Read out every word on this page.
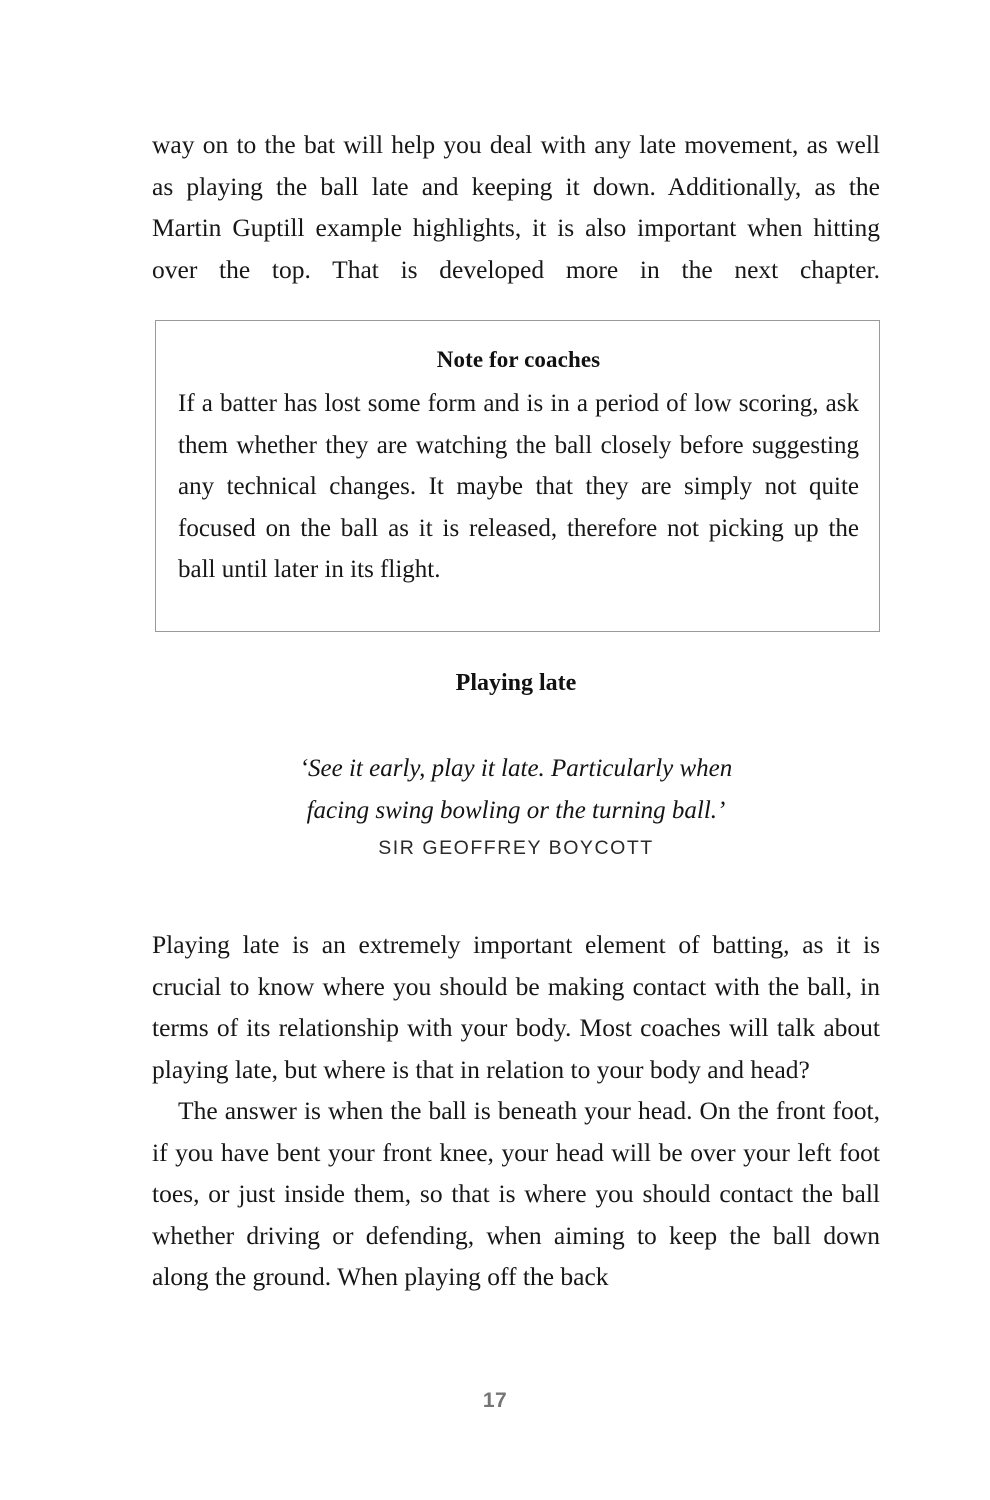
way on to the bat will help you deal with any late movement, as well as playing the ball late and keeping it down. Additionally, as the Martin Guptill example highlights, it is also important when hitting over the top. That is developed more in the next chapter.

Note for coaches

If a batter has lost some form and is in a period of low scoring, ask them whether they are watching the ball closely before suggesting any technical changes. It maybe that they are simply not quite focused on the ball as it is released, therefore not picking up the ball until later in its flight.

Playing late
‘See it early, play it late. Particularly when
facing swing bowling or the turning ball.’
SIR GEOFFREY BOYCOTT

Playing late is an extremely important element of batting, as it is crucial to know where you should be making contact with the ball, in terms of its relationship with your body. Most coaches will talk about playing late, but where is that in relation to your body and head?

The answer is when the ball is beneath your head. On the front foot, if you have bent your front knee, your head will be over your left foot toes, or just inside them, so that is where you should contact the ball whether driving or defending, when aiming to keep the ball down along the ground. When playing off the back

17
